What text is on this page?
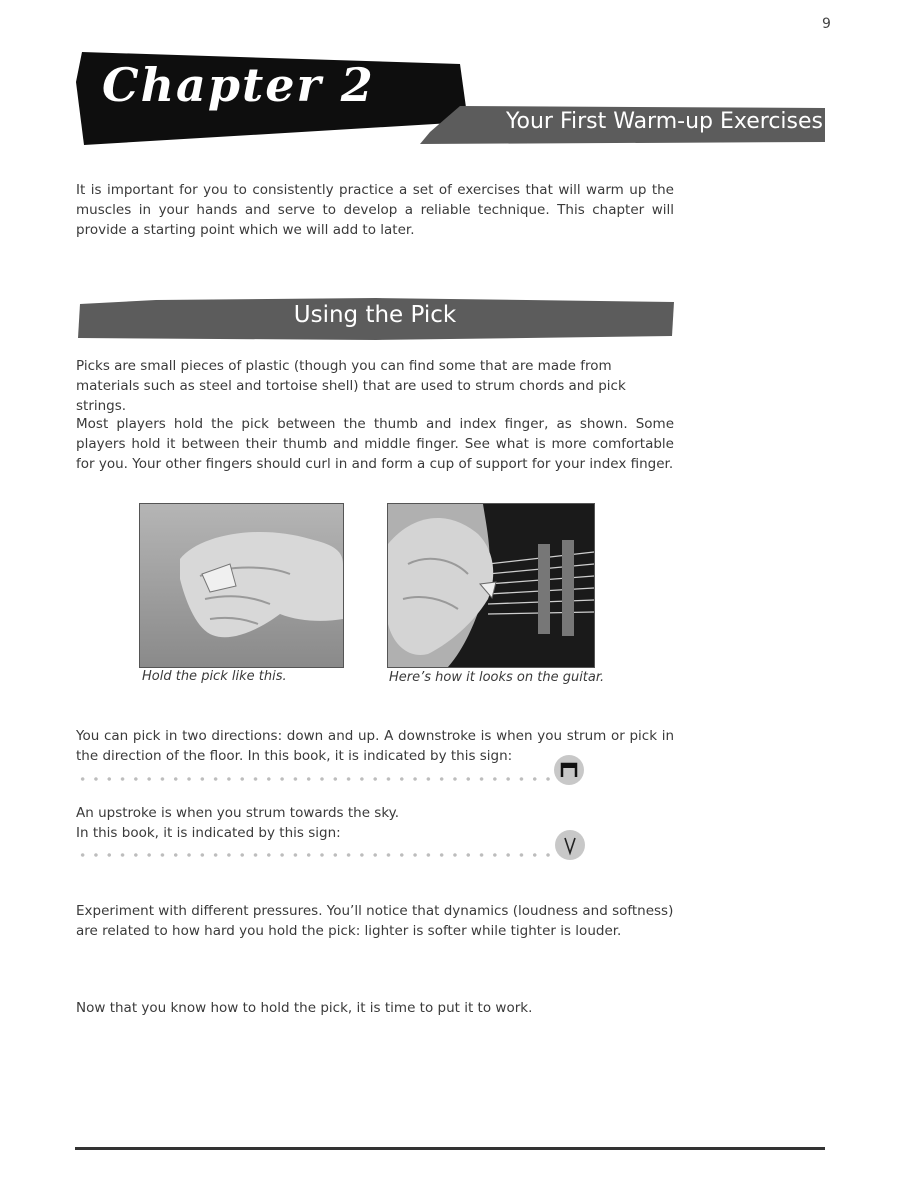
9
Chapter 2
Your First Warm-up Exercises

It is important for you to consistently practice a set of exercises that will warm up the muscles in your hands and serve to develop a reliable technique. This chapter will provide a starting point which we will add to later.

Using the Pick

Picks are small pieces of plastic (though you can find some that are made from materials such as steel and tortoise shell) that are used to strum chords and pick strings.

Most players hold the pick between the thumb and index finger, as shown. Some players hold it between their thumb and middle finger. See what is more comfortable for you. Your other fingers should curl in and form a cup of support for your index finger.

Hold the pick like this.	Here’s how it looks on the guitar.

You can pick in two directions: down and up. A downstroke is when you strum or pick in the direction of the floor. In this book, it is indicated by this sign:

An upstroke is when you strum towards the sky.

In this book, it is indicated by this sign:

Experiment with different pressures. You’ll notice that dynamics (loudness and softness) are related to how hard you hold the pick: lighter is softer while tighter is louder.

Now that you know how to hold the pick, it is time to put it to work.
